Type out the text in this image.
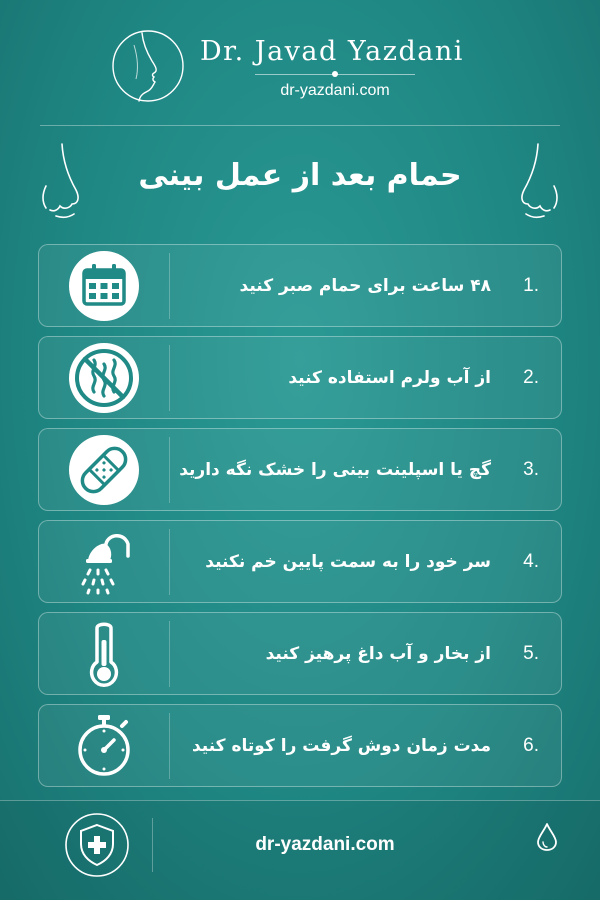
Dr. Javad Yazdani
dr-yazdani.com
حمام بعد از عمل بینی
۴۸ ساعت برای حمام صبر کنید	1.
از آب ولرم استفاده کنید	2.
گچ یا اسپلینت بینی را خشک نگه دارید	3.
سر خود را به سمت پایین خم نکنید	4.
از بخار و آب داغ پرهیز کنید	5.
مدت زمان دوش گرفت را کوتاه کنید	6.
dr-yazdani.com
